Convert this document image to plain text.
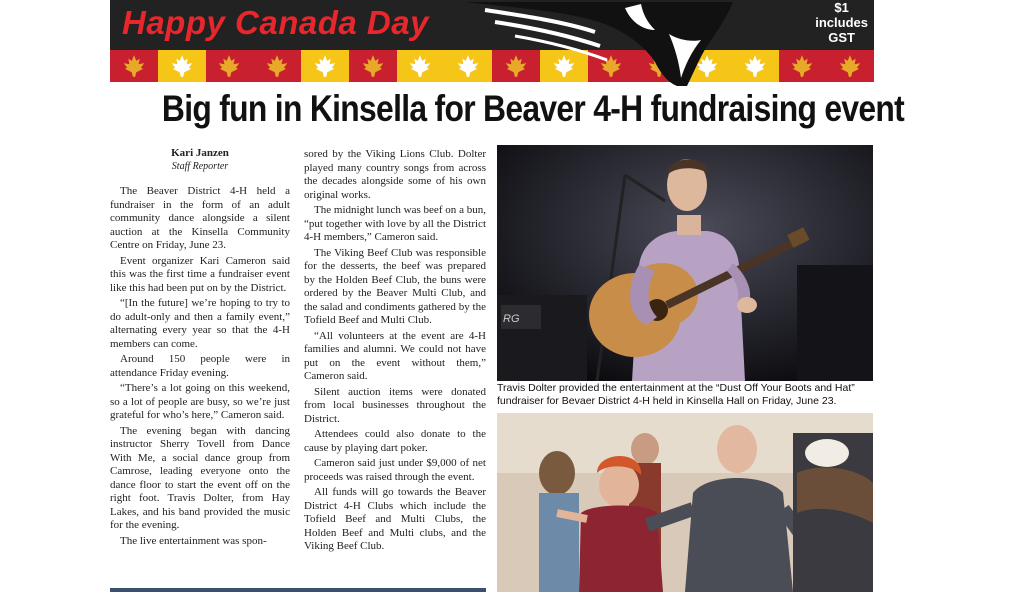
Happy Canada Day	$1
includes
GST
Big fun in Kinsella for Beaver 4-H fundraising event
Kari Janzen
Staff Reporter

The Beaver District 4-H held a fundraiser in the form of an adult community dance alongside a silent auction at the Kinsella Community Centre on Friday, June 23.

Event organizer Kari Cameron said this was the first time a fundraiser event like this had been put on by the District.

“[In the future] we’re hoping to try to do adult-only and then a family event,” alternating every year so that the 4-H members can come.

Around 150 people were in attendance Friday evening.

“There’s a lot going on this weekend, so a lot of people are busy, so we’re just grateful for who’s here,” Cameron said.

The evening began with dancing instructor Sherry Tovell from Dance With Me, a social dance group from Camrose, leading everyone onto the dance floor to start the event off on the right foot. Travis Dolter, from Hay Lakes, and his band provided the music for the evening.

The live entertainment was spon-

sored by the Viking Lions Club. Dolter played many country songs from across the decades alongside some of his own original works.

The midnight lunch was beef on a bun, “put together with love by all the District 4-H members,” Cameron said.

The Viking Beef Club was responsible for the desserts, the beef was prepared by the Holden Beef Club, the buns were ordered by the Beaver Multi Club, and the salad and condiments gathered by the Tofield Beef and Multi Club.

“All volunteers at the event are 4-H families and alumni. We could not have put on the event without them,” Cameron said.

Silent auction items were donated from local businesses throughout the District.

Attendees could also donate to the cause by playing dart poker.

Cameron said just under $9,000 of net proceeds was raised through the event.

All funds will go towards the Beaver District 4-H Clubs which include the Tofield Beef and Multi Clubs, the Holden Beef and Multi clubs, and the Viking Beef Club.

RG
Travis Dolter provided the entertainment at the “Dust Off Your Boots and Hat” fundraiser for Bevaer District 4-H held in Kinsella Hall on Friday, June 23.
